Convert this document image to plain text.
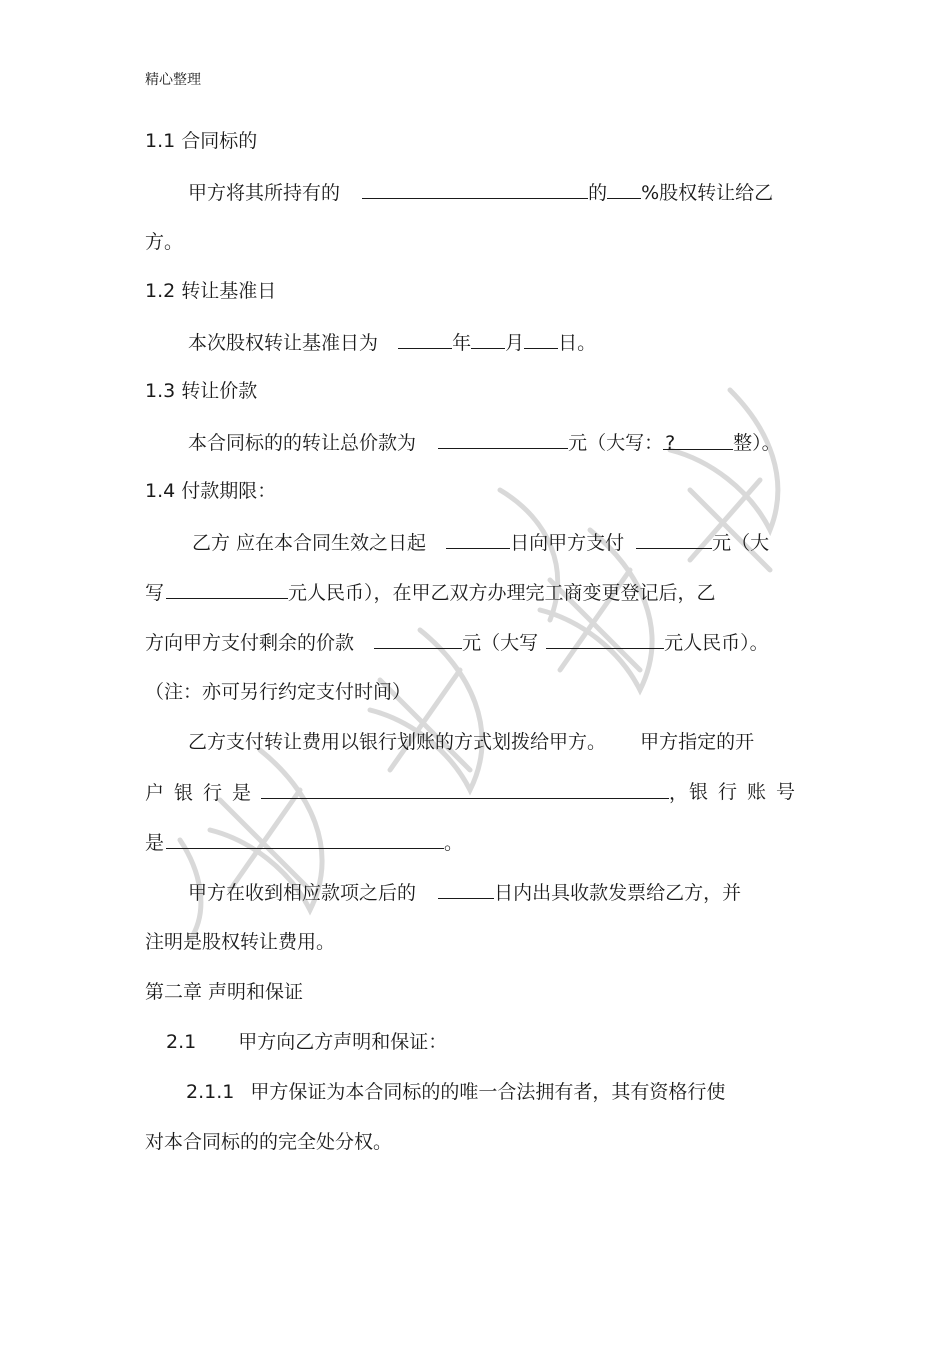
精心整理
1.1 合同标的
甲方将其所持有的	的 %股权转让给乙
方。
1.2 转让基准日
本次股权转让基准日为	年 月 日。
1.3 转让价款
本合同标的的转让总价款为	元（大写： ?	整）。
1.4 付款期限：
乙方 应在本合同生效之日起	日向甲方支付	元（大
写	元人民币），在甲乙双方办理完工商变更登记后，乙
方向甲方支付剩余的价款	元（大写	元人民币）。
（注：亦可另行约定支付时间）
乙方支付转让费用以银行划账的方式划拨给甲方。 甲方指定的开
户银行是	， 银行账号
是	。
甲方在收到相应款项之后的	日内出具收款发票给乙方，并
注明是股权转让费用。
第二章 声明和保证
2.1 甲方向乙方声明和保证：
2.1.1 甲方保证为本合同标的的唯一合法拥有者，其有资格行使
对本合同标的的完全处分权。
